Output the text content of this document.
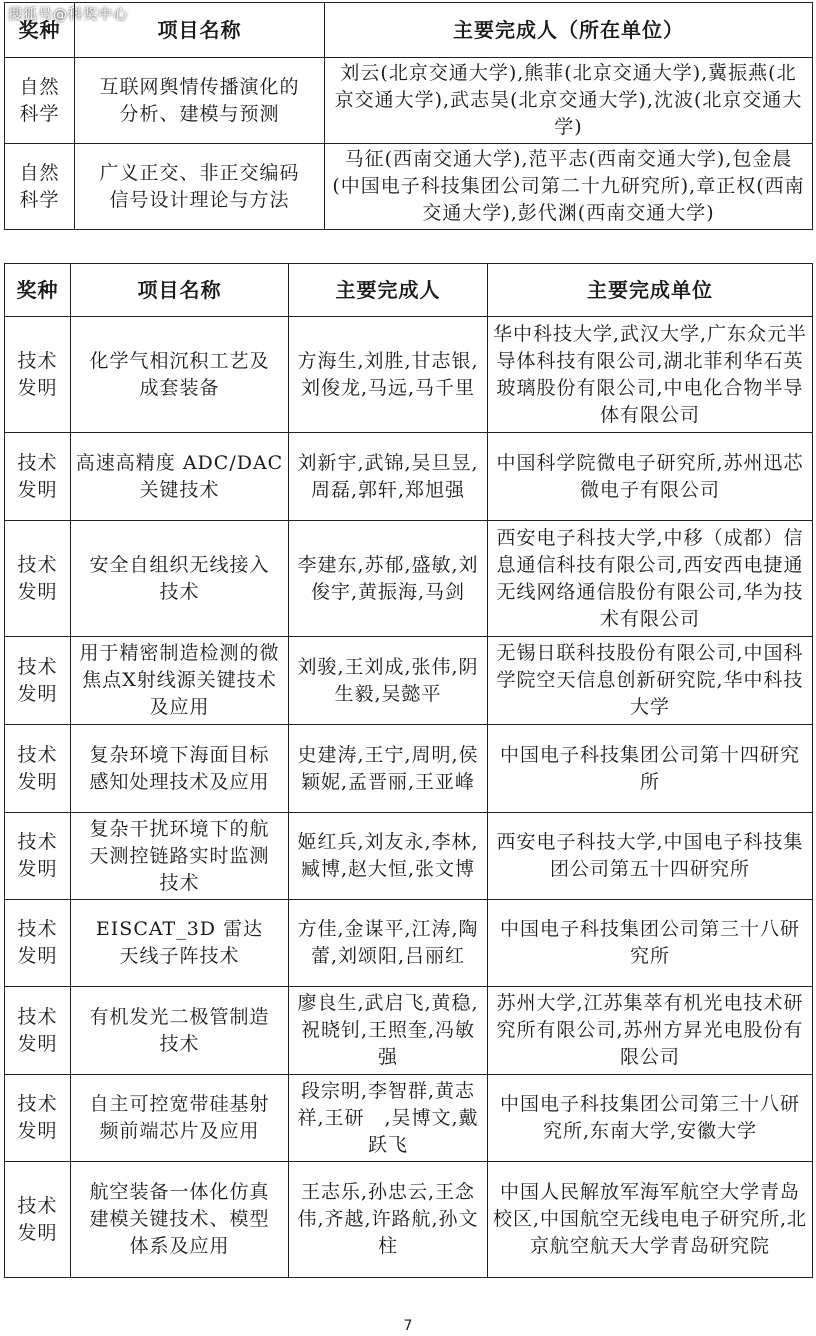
搜狐号@科奖中心
奖种	项目名称	主要完成人（所在单位）
自然科学	互联网舆情传播演化的分析、建模与预测	刘云(北京交通大学),熊菲(北京交通大学),冀振燕(北京交通大学),武志昊(北京交通大学),沈波(北京交通大学)
自然科学	广义正交、非正交编码信号设计理论与方法	马征(西南交通大学),范平志(西南交通大学),包金晨(中国电子科技集团公司第二十九研究所),章正权(西南交通大学),彭代渊(西南交通大学)
奖种	项目名称	主要完成人	主要完成单位
技术发明	化学气相沉积工艺及成套装备	方海生,刘胜,甘志银,刘俊龙,马远,马千里	华中科技大学,武汉大学,广东众元半导体科技有限公司,湖北菲利华石英玻璃股份有限公司,中电化合物半导体有限公司
技术发明	高速高精度 ADC/DAC 关键技术	刘新宇,武锦,吴旦昱,周磊,郭轩,郑旭强	中国科学院微电子研究所,苏州迅芯微电子有限公司
技术发明	安全自组织无线接入技术	李建东,苏郁,盛敏,刘俊宇,黄振海,马剑	西安电子科技大学,中移（成都）信息通信科技有限公司,西安西电捷通无线网络通信股份有限公司,华为技术有限公司
技术发明	用于精密制造检测的微焦点X射线源关键技术及应用	刘骏,王刘成,张伟,阴生毅,吴懿平	无锡日联科技股份有限公司,中国科学院空天信息创新研究院,华中科技大学
技术发明	复杂环境下海面目标感知处理技术及应用	史建涛,王宁,周明,侯颖妮,孟晋丽,王亚峰	中国电子科技集团公司第十四研究所
技术发明	复杂干扰环境下的航天测控链路实时监测技术	姬红兵,刘友永,李林,臧博,赵大恒,张文博	西安电子科技大学,中国电子科技集团公司第五十四研究所
技术发明	EISCAT_3D 雷达天线子阵技术	方佳,金谋平,江涛,陶蕾,刘颂阳,吕丽红	中国电子科技集团公司第三十八研究所
技术发明	有机发光二极管制造技术	廖良生,武启飞,黄稳,祝晓钊,王照奎,冯敏强	苏州大学,江苏集萃有机光电技术研究所有限公司,苏州方昇光电股份有限公司
技术发明	自主可控宽带硅基射频前端芯片及应用	段宗明,李智群,黄志祥,王研　,吴博文,戴跃飞	中国电子科技集团公司第三十八研究所,东南大学,安徽大学
技术发明	航空装备一体化仿真建模关键技术、模型体系及应用	王志乐,孙忠云,王念伟,齐越,许路航,孙文柱	中国人民解放军海军航空大学青岛校区,中国航空无线电电子研究所,北京航空航天大学青岛研究院
7
